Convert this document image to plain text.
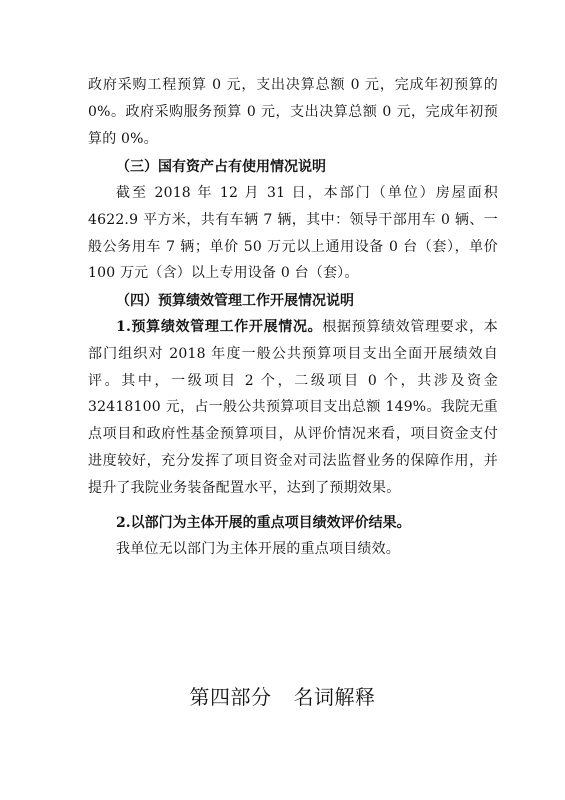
政府采购工程预算 0 元，支出决算总额 0 元，完成年初预算的 0%。政府采购服务预算 0 元，支出决算总额 0 元，完成年初预算的 0%。

（三）国有资产占有使用情况说明

截至 2018 年 12 月 31 日，本部门（单位）房屋面积 4622.9 平方米，共有车辆 7 辆，其中：领导干部用车 0 辆、一般公务用车 7 辆；单价 50 万元以上通用设备 0 台（套），单价 100 万元（含）以上专用设备 0 台（套）。

（四）预算绩效管理工作开展情况说明

1.预算绩效管理工作开展情况。根据预算绩效管理要求，本部门组织对 2018 年度一般公共预算项目支出全面开展绩效自评。其中，一级项目 2 个，二级项目 0 个，共涉及资金 32418100 元，占一般公共预算项目支出总额 149%。我院无重点项目和政府性基金预算项目，从评价情况来看，项目资金支付进度较好，充分发挥了项目资金对司法监督业务的保障作用，并提升了我院业务装备配置水平，达到了预期效果。

2.以部门为主体开展的重点项目绩效评价结果。

我单位无以部门为主体开展的重点项目绩效。

第四部分 名词解释
